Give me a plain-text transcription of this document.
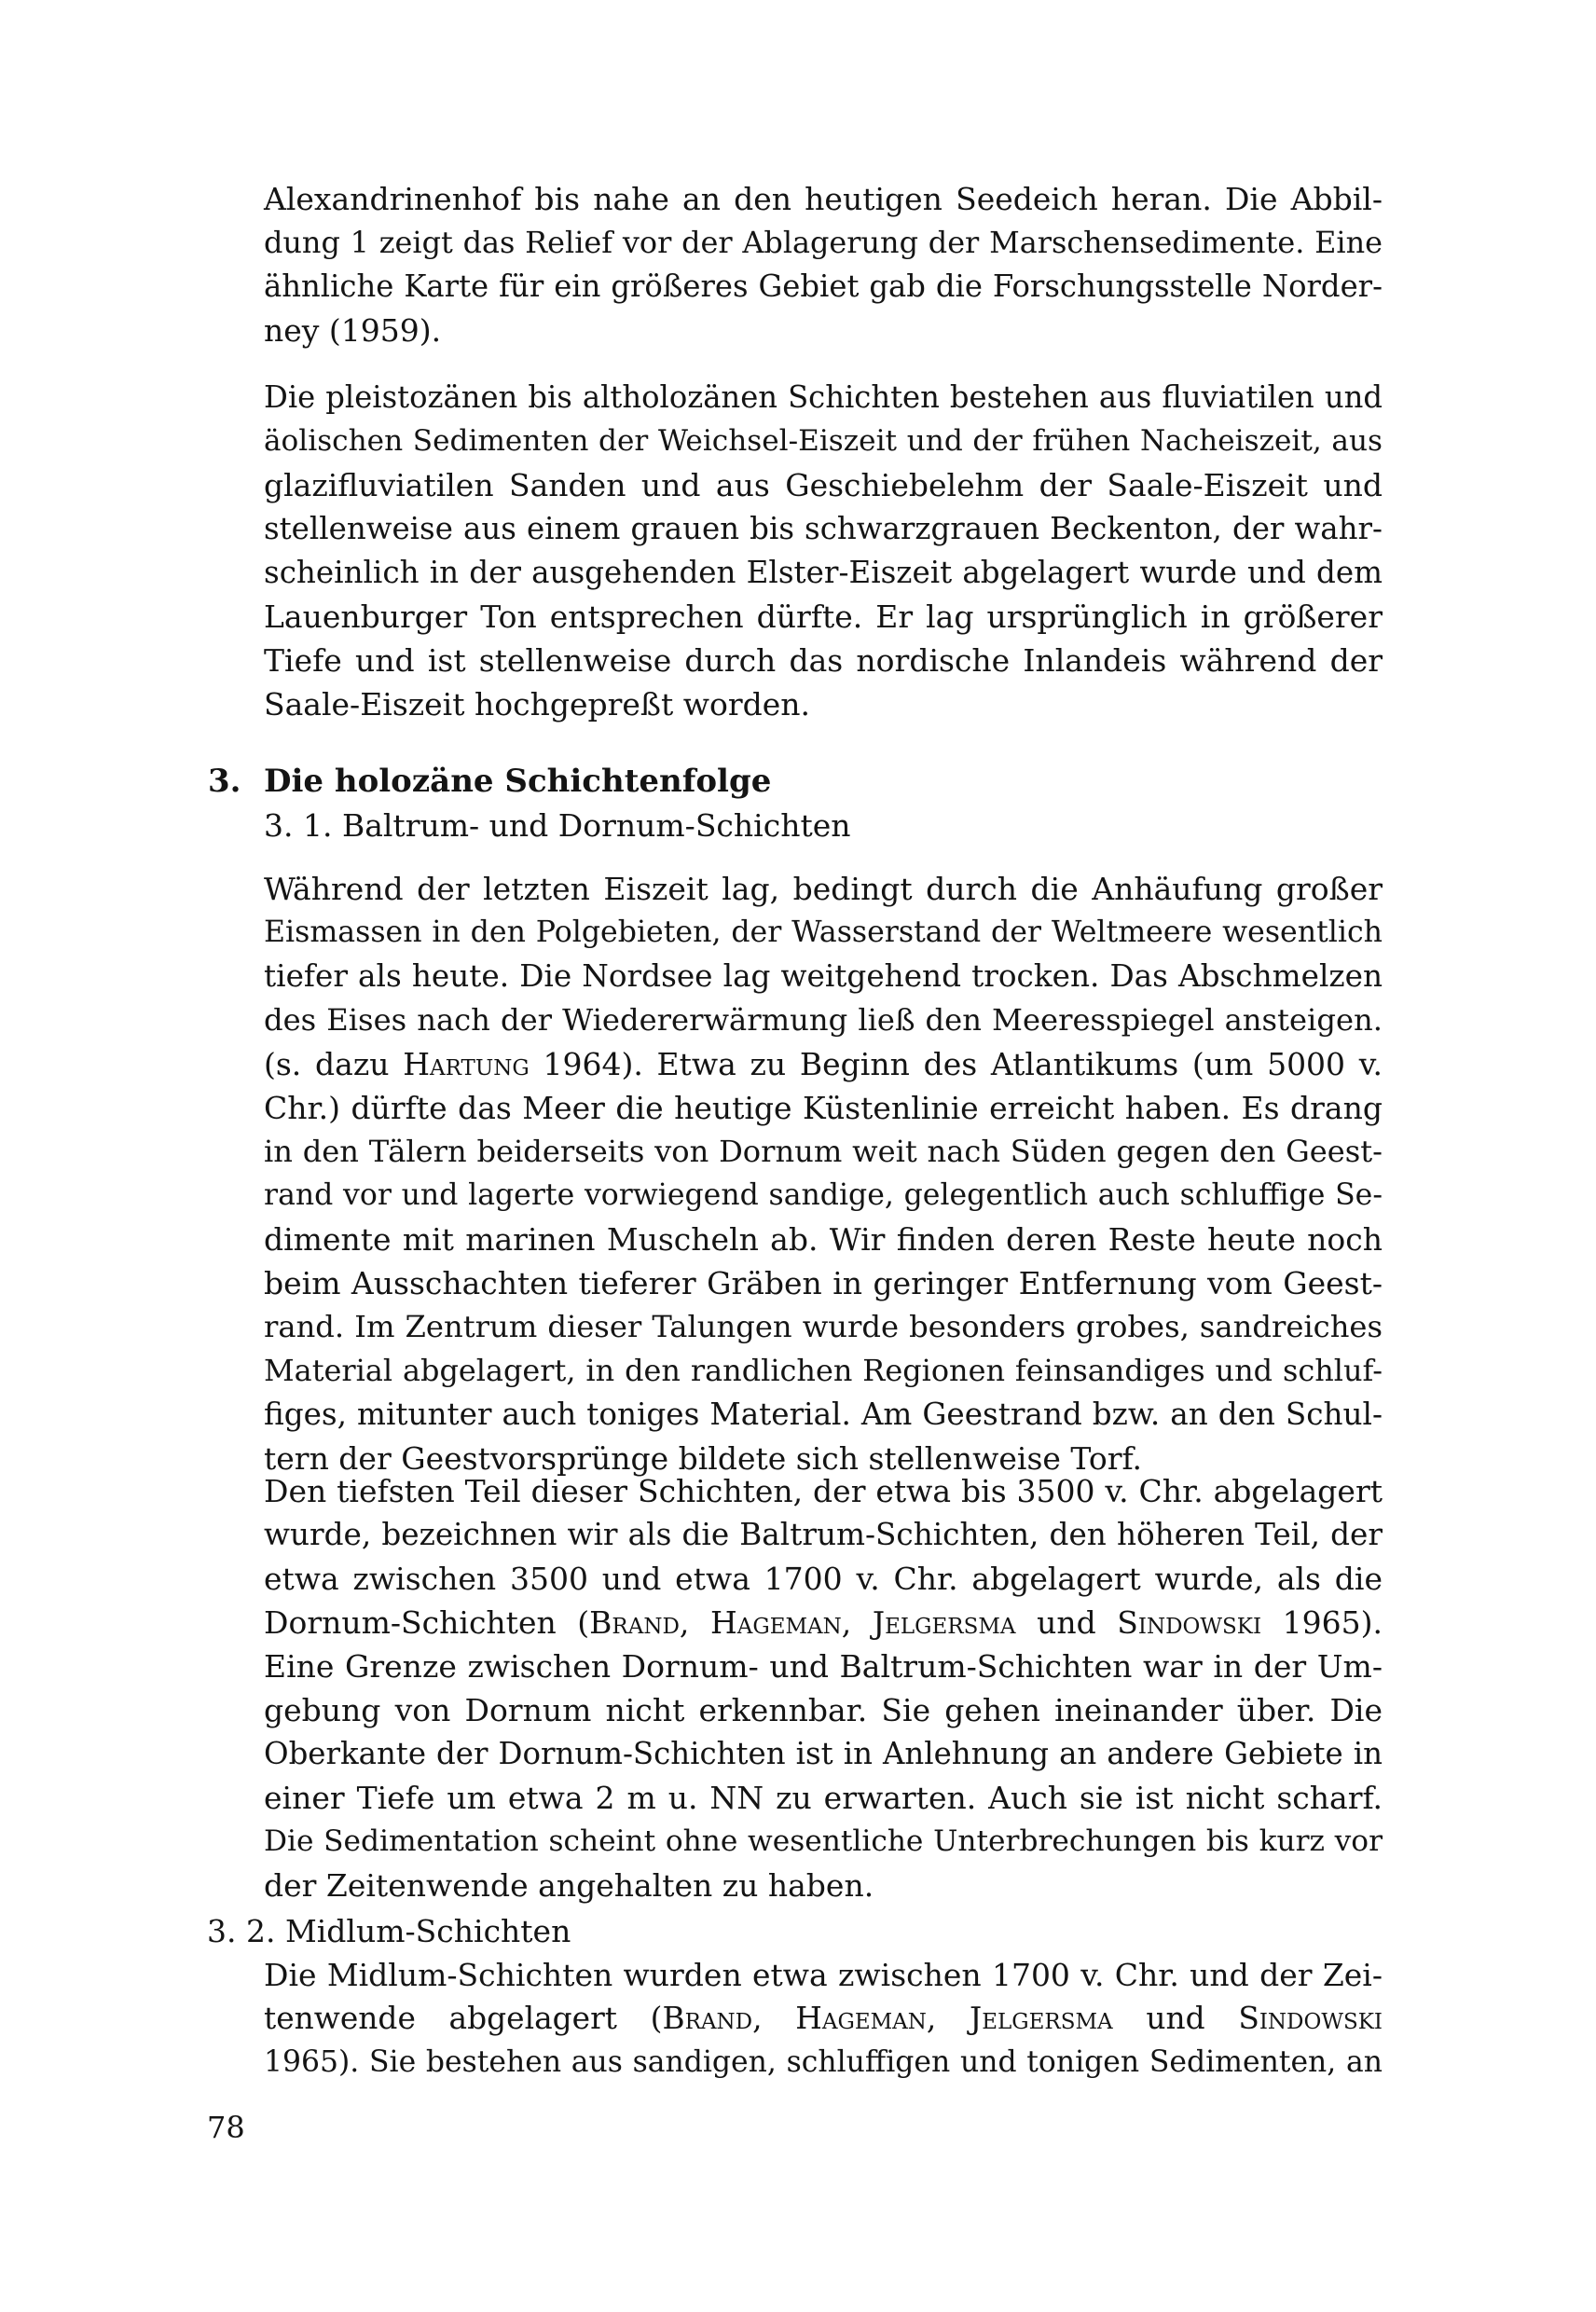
Alexandrinenhof bis nahe an den heutigen Seedeich heran. Die Abbil-

dung 1 zeigt das Relief vor der Ablagerung der Marschensedimente. Eine

ähnliche Karte für ein größeres Gebiet gab die Forschungsstelle Norder-

ney (1959).

Die pleistozänen bis altholozänen Schichten bestehen aus fluviatilen und

äolischen Sedimenten der Weichsel-Eiszeit und der frühen Nacheiszeit, aus

glazifluviatilen Sanden und aus Geschiebelehm der Saale-Eiszeit und

stellenweise aus einem grauen bis schwarzgrauen Beckenton, der wahr-

scheinlich in der ausgehenden Elster-Eiszeit abgelagert wurde und dem

Lauenburger Ton entsprechen dürfte. Er lag ursprünglich in größerer

Tiefe und ist stellenweise durch das nordische Inlandeis während der

Saale-Eiszeit hochgepreßt worden.

3. Die holozäne Schichtenfolge
3. 1. Baltrum- und Dornum-Schichten

Während der letzten Eiszeit lag, bedingt durch die Anhäufung großer

Eismassen in den Polgebieten, der Wasserstand der Weltmeere wesentlich

tiefer als heute. Die Nordsee lag weitgehend trocken. Das Abschmelzen

des Eises nach der Wiedererwärmung ließ den Meeresspiegel ansteigen.

(s. dazu Hartung 1964). Etwa zu Beginn des Atlantikums (um 5000 v.

Chr.) dürfte das Meer die heutige Küstenlinie erreicht haben. Es drang

in den Tälern beiderseits von Dornum weit nach Süden gegen den Geest-

rand vor und lagerte vorwiegend sandige, gelegentlich auch schluffige Se-

dimente mit marinen Muscheln ab. Wir finden deren Reste heute noch

beim Ausschachten tieferer Gräben in geringer Entfernung vom Geest-

rand. Im Zentrum dieser Talungen wurde besonders grobes, sandreiches

Material abgelagert, in den randlichen Regionen feinsandiges und schluf-

figes, mitunter auch toniges Material. Am Geestrand bzw. an den Schul-

tern der Geestvorsprünge bildete sich stellenweise Torf.

Den tiefsten Teil dieser Schichten, der etwa bis 3500 v. Chr. abgelagert

wurde, bezeichnen wir als die Baltrum-Schichten, den höheren Teil, der

etwa zwischen 3500 und etwa 1700 v. Chr. abgelagert wurde, als die

Dornum-Schichten (Brand, Hageman, Jelgersma und Sindowski 1965).

Eine Grenze zwischen Dornum- und Baltrum-Schichten war in der Um-

gebung von Dornum nicht erkennbar. Sie gehen ineinander über. Die

Oberkante der Dornum-Schichten ist in Anlehnung an andere Gebiete in

einer Tiefe um etwa 2 m u. NN zu erwarten. Auch sie ist nicht scharf.

Die Sedimentation scheint ohne wesentliche Unterbrechungen bis kurz vor

der Zeitenwende angehalten zu haben.

3. 2. Midlum-Schichten

Die Midlum-Schichten wurden etwa zwischen 1700 v. Chr. und der Zei-

tenwende abgelagert (Brand, Hageman, Jelgersma und Sindowski

1965). Sie bestehen aus sandigen, schluffigen und tonigen Sedimenten, an

78
